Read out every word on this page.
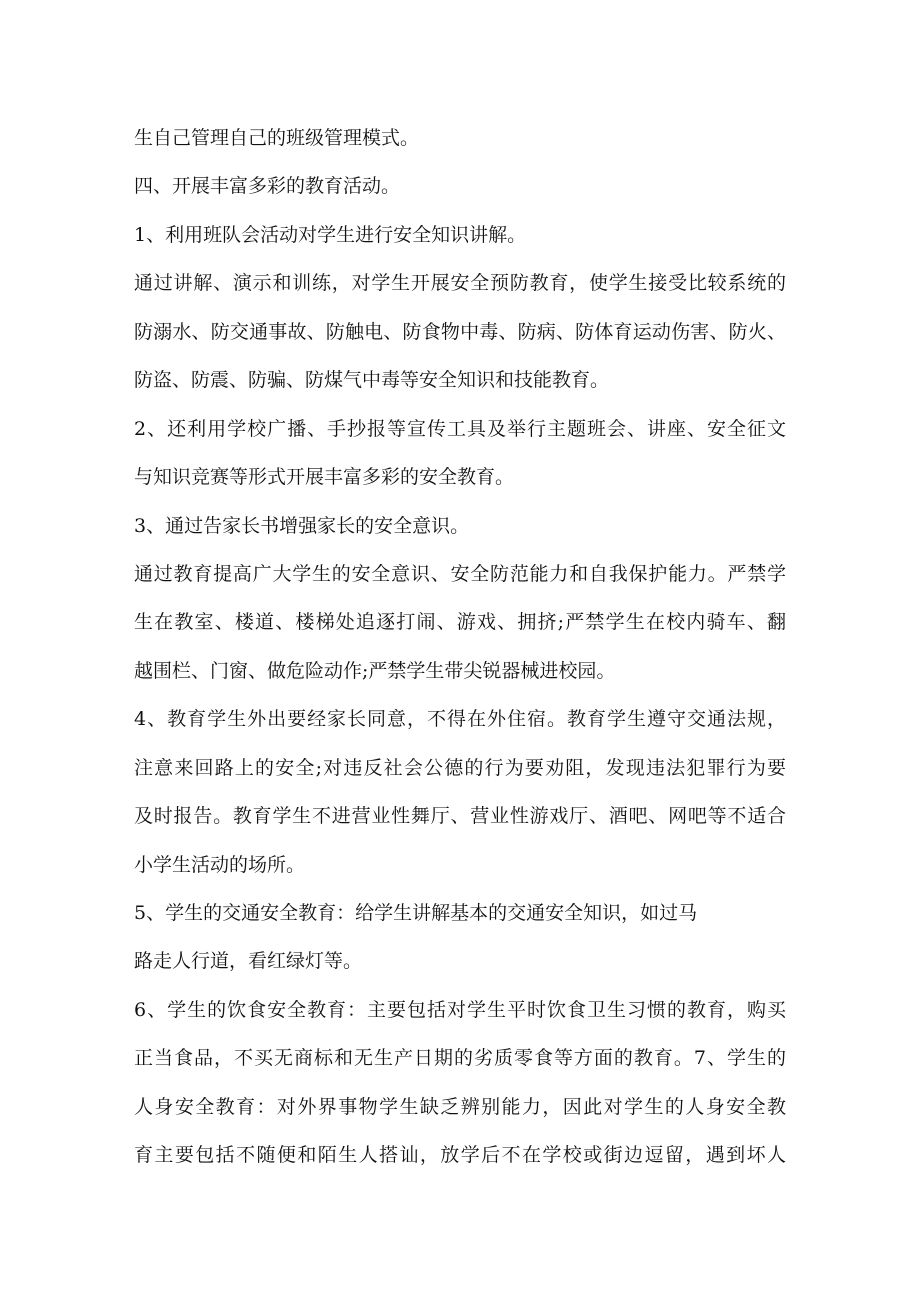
生自己管理自己的班级管理模式。

四、开展丰富多彩的教育活动。

1、利用班队会活动对学生进行安全知识讲解。

通过讲解、演示和训练，对学生开展安全预防教育，使学生接受比较系统的

防溺水、防交通事故、防触电、防食物中毒、防病、防体育运动伤害、防火、

防盗、防震、防骗、防煤气中毒等安全知识和技能教育。

2、还利用学校广播、手抄报等宣传工具及举行主题班会、讲座、安全征文

与知识竞赛等形式开展丰富多彩的安全教育。

3、通过告家长书增强家长的安全意识。

通过教育提高广大学生的安全意识、安全防范能力和自我保护能力。严禁学

生在教室、楼道、楼梯处追逐打闹、游戏、拥挤;严禁学生在校内骑车、翻

越围栏、门窗、做危险动作;严禁学生带尖锐器械进校园。

4、教育学生外出要经家长同意，不得在外住宿。教育学生遵守交通法规，

注意来回路上的安全;对违反社会公德的行为要劝阻，发现违法犯罪行为要

及时报告。教育学生不进营业性舞厅、营业性游戏厅、酒吧、网吧等不适合

小学生活动的场所。

5、学生的交通安全教育：给学生讲解基本的交通安全知识，如过马

路走人行道，看红绿灯等。

6、学生的饮食安全教育：主要包括对学生平时饮食卫生习惯的教育，购买

正当食品，不买无商标和无生产日期的劣质零食等方面的教育。7、学生的

人身安全教育：对外界事物学生缺乏辨别能力，因此对学生的人身安全教

育主要包括不随便和陌生人搭讪，放学后不在学校或街边逗留，遇到坏人
